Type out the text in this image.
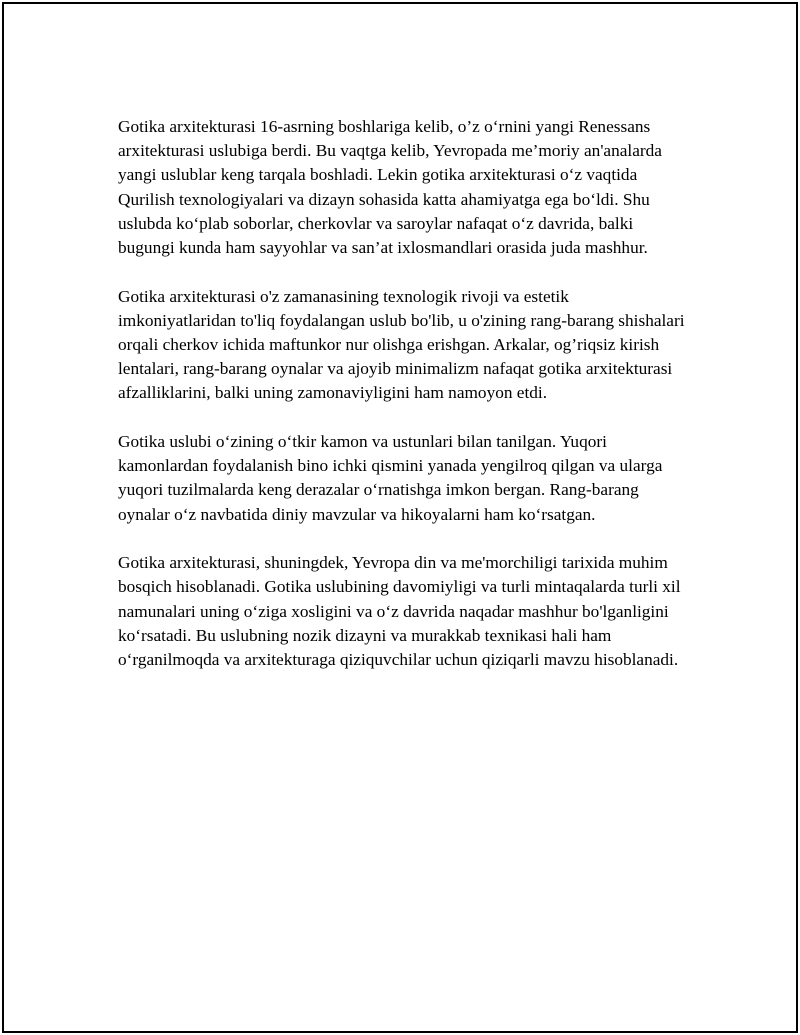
Gotika arxitekturasi 16-asrning boshlariga kelib, o’z o‘rnini yangi Renessans arxitekturasi uslubiga berdi. Bu vaqtga kelib, Yevropada me’moriy an'analarda yangi uslublar keng tarqala boshladi. Lekin gotika arxitekturasi o‘z vaqtida Qurilish texnologiyalari va dizayn sohasida katta ahamiyatga ega bo‘ldi. Shu uslubda ko‘plab soborlar, cherkovlar va saroylar nafaqat o‘z davrida, balki bugungi kunda ham sayyohlar va san’at ixlosmandlari orasida juda mashhur.

Gotika arxitekturasi o'z zamanasining texnologik rivoji va estetik imkoniyatlaridan to'liq foydalangan uslub bo'lib, u o'zining rang-barang shishalari orqali cherkov ichida maftunkor nur olishga erishgan. Arkalar, og’riqsiz kirish lentalari, rang-barang oynalar va ajoyib minimalizm nafaqat gotika arxitekturasi afzalliklarini, balki uning zamonaviyligini ham namoyon etdi.

Gotika uslubi o‘zining o‘tkir kamon va ustunlari bilan tanilgan. Yuqori kamonlardan foydalanish bino ichki qismini yanada yengilroq qilgan va ularga yuqori tuzilmalarda keng derazalar o‘rnatishga imkon bergan. Rang-barang oynalar o‘z navbatida diniy mavzular va hikoyalarni ham ko‘rsatgan.

Gotika arxitekturasi, shuningdek, Yevropa din va me'morchiligi tarixida muhim bosqich hisoblanadi. Gotika uslubining davomiyligi va turli mintaqalarda turli xil namunalari uning o‘ziga xosligini va o‘z davrida naqadar mashhur bo'lganligini ko‘rsatadi. Bu uslubning nozik dizayni va murakkab texnikasi hali ham o‘rganilmoqda va arxitekturaga qiziquvchilar uchun qiziqarli mavzu hisoblanadi.
